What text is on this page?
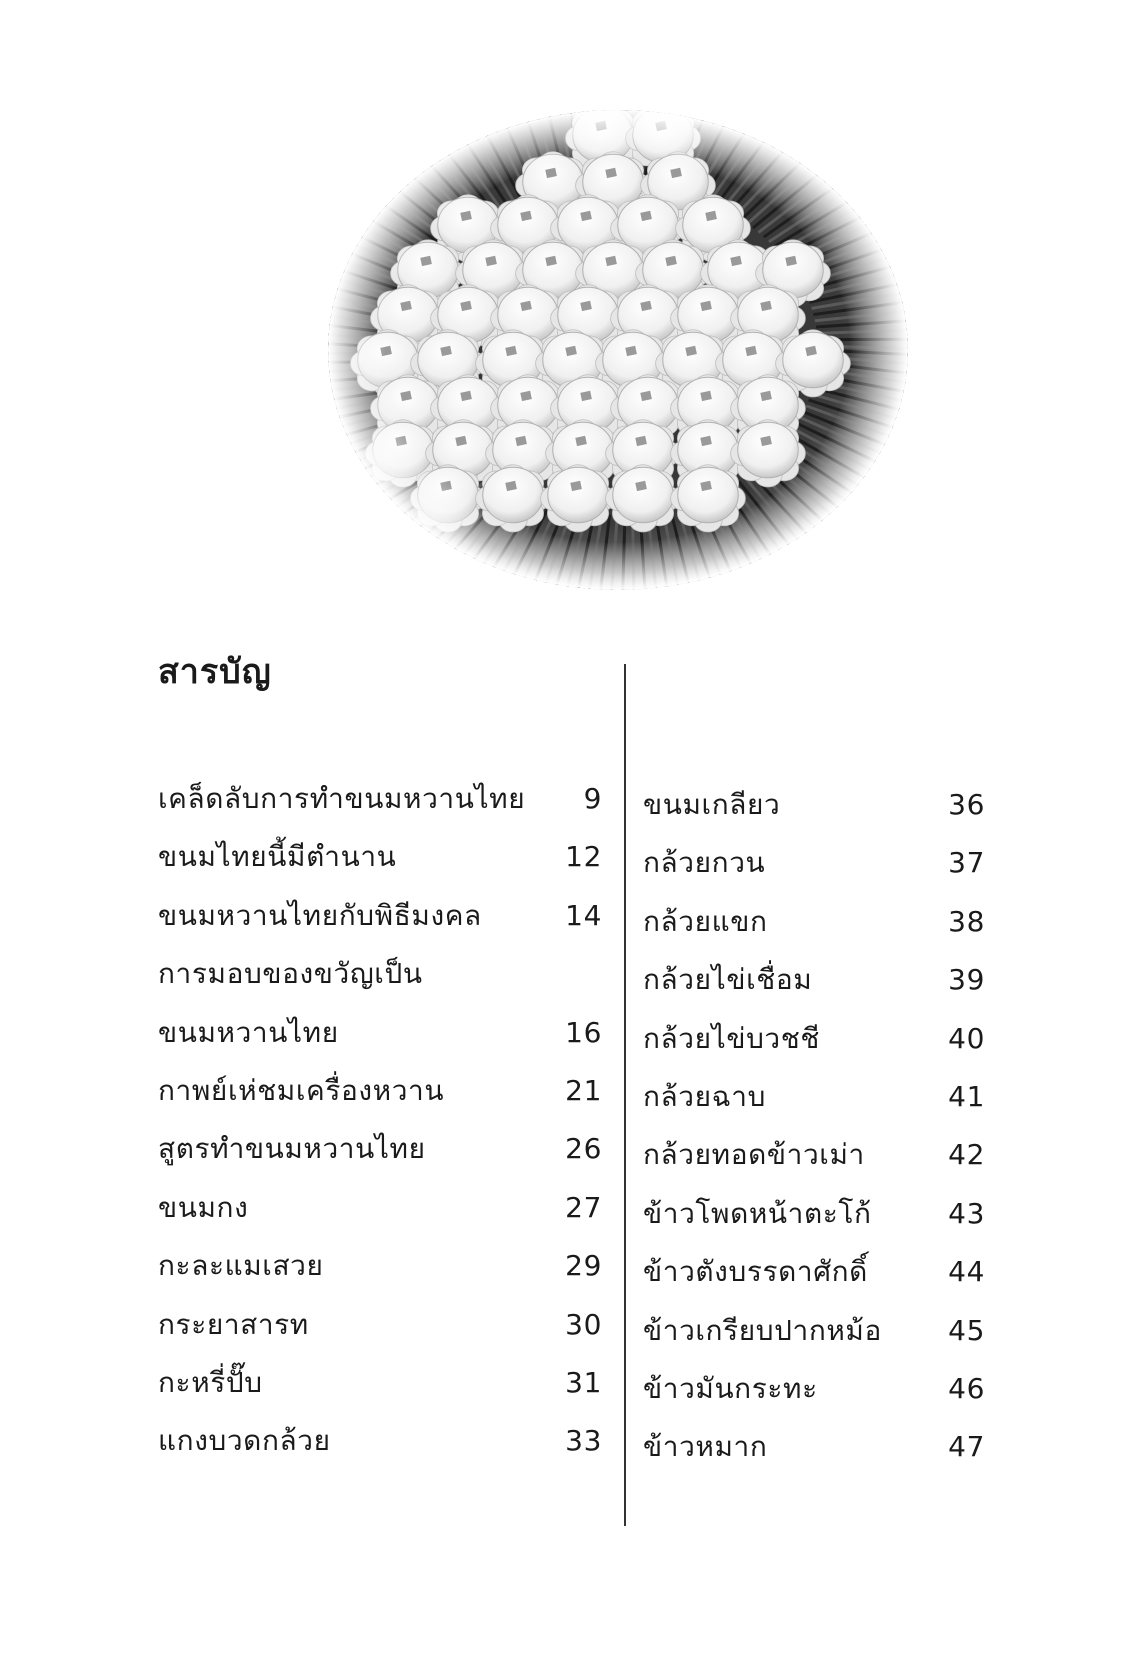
สารบัญ
เคล็ดลับการทำขนมหวานไทย 9
ขนมไทยนี้มีตำนาน	12
ขนมหวานไทยกับพิธีมงคล	14
การมอบของขวัญเป็น
ขนมหวานไทย	16
กาพย์เห่ชมเครื่องหวาน	21
สูตรทำขนมหวานไทย	26
ขนมกง	27
กะละแมเสวย	29
กระยาสารท	30
กะหรี่ปั๊บ	31
แกงบวดกล้วย	33
ขนมเกลียว	36
กล้วยกวน	37
กล้วยแขก	38
กล้วยไข่เชื่อม	39
กล้วยไข่บวชชี	40
กล้วยฉาบ	41
กล้วยทอดข้าวเม่า	42
ข้าวโพดหน้าตะโก้	43
ข้าวตังบรรดาศักดิ์	44
ข้าวเกรียบปากหม้อ 45
ข้าวมันกระทะ	46
ข้าวหมาก	47
